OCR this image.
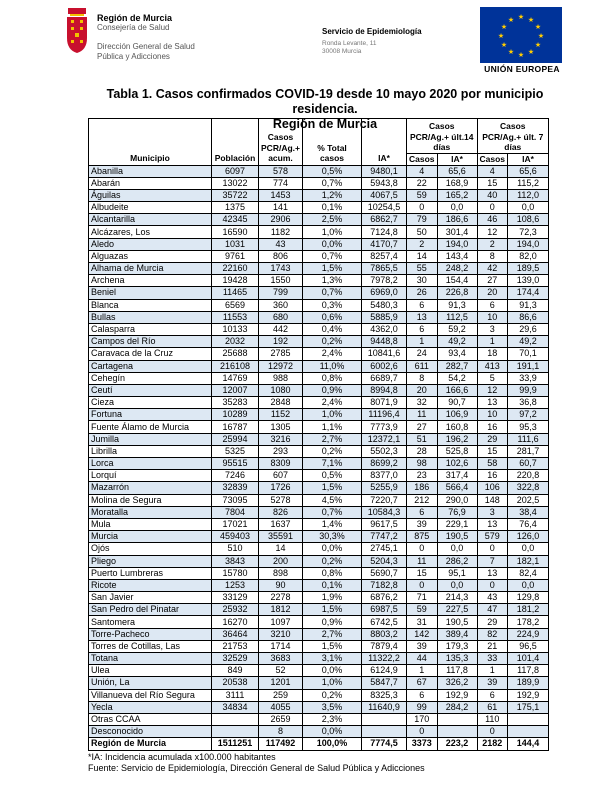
Región de Murcia
Consejería de Salud
Dirección General de Salud
Pública y Adicciones
Servicio de Epidemiología
Ronda Levante, 11
30008 Murcia
★ ★
★
★
★
★
★
★
★
★
★
★
UNIÓN EUROPEA
Tabla 1. Casos confirmados COVID-19 desde 10 mayo 2020 por municipio residencia.
Región de Murcia
Municipio	Población	Casos PCR/Ag.+ acum.	% Total casos	IA*	Casos PCR/Ag.+ últ.14 días		Casos PCR/Ag.+ últ. 7 días	
					Casos	IA*	Casos	IA*
Abanilla	6097	578	0,5%	9480,1	4	65,6	4	65,6
Abarán	13022	774	0,7%	5943,8	22	168,9	15	115,2
Águilas	35722	1453	1,2%	4067,5	59	165,2	40	112,0
Albudeite	1375	141	0,1%	10254,5	0	0,0	0	0,0
Alcantarilla	42345	2906	2,5%	6862,7	79	186,6	46	108,6
Alcázares, Los	16590	1182	1,0%	7124,8	50	301,4	12	72,3
Aledo	1031	43	0,0%	4170,7	2	194,0	2	194,0
Alguazas	9761	806	0,7%	8257,4	14	143,4	8	82,0
Alhama de Murcia	22160	1743	1,5%	7865,5	55	248,2	42	189,5
Archena	19428	1550	1,3%	7978,2	30	154,4	27	139,0
Beniel	11465	799	0,7%	6969,0	26	226,8	20	174,4
Blanca	6569	360	0,3%	5480,3	6	91,3	6	91,3
Bullas	11553	680	0,6%	5885,9	13	112,5	10	86,6
Calasparra	10133	442	0,4%	4362,0	6	59,2	3	29,6
Campos del Río	2032	192	0,2%	9448,8	1	49,2	1	49,2
Caravaca de la Cruz	25688	2785	2,4%	10841,6	24	93,4	18	70,1
Cartagena	216108	12972	11,0%	6002,6	611	282,7	413	191,1
Cehegín	14769	988	0,8%	6689,7	8	54,2	5	33,9
Ceutí	12007	1080	0,9%	8994,8	20	166,6	12	99,9
Cieza	35283	2848	2,4%	8071,9	32	90,7	13	36,8
Fortuna	10289	1152	1,0%	11196,4	11	106,9	10	97,2
Fuente Álamo de Murcia	16787	1305	1,1%	7773,9	27	160,8	16	95,3
Jumilla	25994	3216	2,7%	12372,1	51	196,2	29	111,6
Librilla	5325	293	0,2%	5502,3	28	525,8	15	281,7
Lorca	95515	8309	7,1%	8699,2	98	102,6	58	60,7
Lorquí	7246	607	0,5%	8377,0	23	317,4	16	220,8
Mazarrón	32839	1726	1,5%	5255,9	186	566,4	106	322,8
Molina de Segura	73095	5278	4,5%	7220,7	212	290,0	148	202,5
Moratalla	7804	826	0,7%	10584,3	6	76,9	3	38,4
Mula	17021	1637	1,4%	9617,5	39	229,1	13	76,4
Murcia	459403	35591	30,3%	7747,2	875	190,5	579	126,0
Ojós	510	14	0,0%	2745,1	0	0,0	0	0,0
Pliego	3843	200	0,2%	5204,3	11	286,2	7	182,1
Puerto Lumbreras	15780	898	0,8%	5690,7	15	95,1	13	82,4
Ricote	1253	90	0,1%	7182,8	0	0,0	0	0,0
San Javier	33129	2278	1,9%	6876,2	71	214,3	43	129,8
San Pedro del Pinatar	25932	1812	1,5%	6987,5	59	227,5	47	181,2
Santomera	16270	1097	0,9%	6742,5	31	190,5	29	178,2
Torre-Pacheco	36464	3210	2,7%	8803,2	142	389,4	82	224,9
Torres de Cotillas, Las	21753	1714	1,5%	7879,4	39	179,3	21	96,5
Totana	32529	3683	3,1%	11322,2	44	135,3	33	101,4
Ulea	849	52	0,0%	6124,9	1	117,8	1	117,8
Unión, La	20538	1201	1,0%	5847,7	67	326,2	39	189,9
Villanueva del Río Segura	3111	259	0,2%	8325,3	6	192,9	6	192,9
Yecla	34834	4055	3,5%	11640,9	99	284,2	61	175,1
Otras CCAA		2659	2,3%		170		110	
Desconocido		8	0,0%		0		0	
Región de Murcia	1511251	117492	100,0%	7774,5	3373	223,2	2182	144,4
*IA: Incidencia acumulada x100.000 habitantes
Fuente: Servicio de Epidemiología, Dirección General de Salud Pública y Adicciones
